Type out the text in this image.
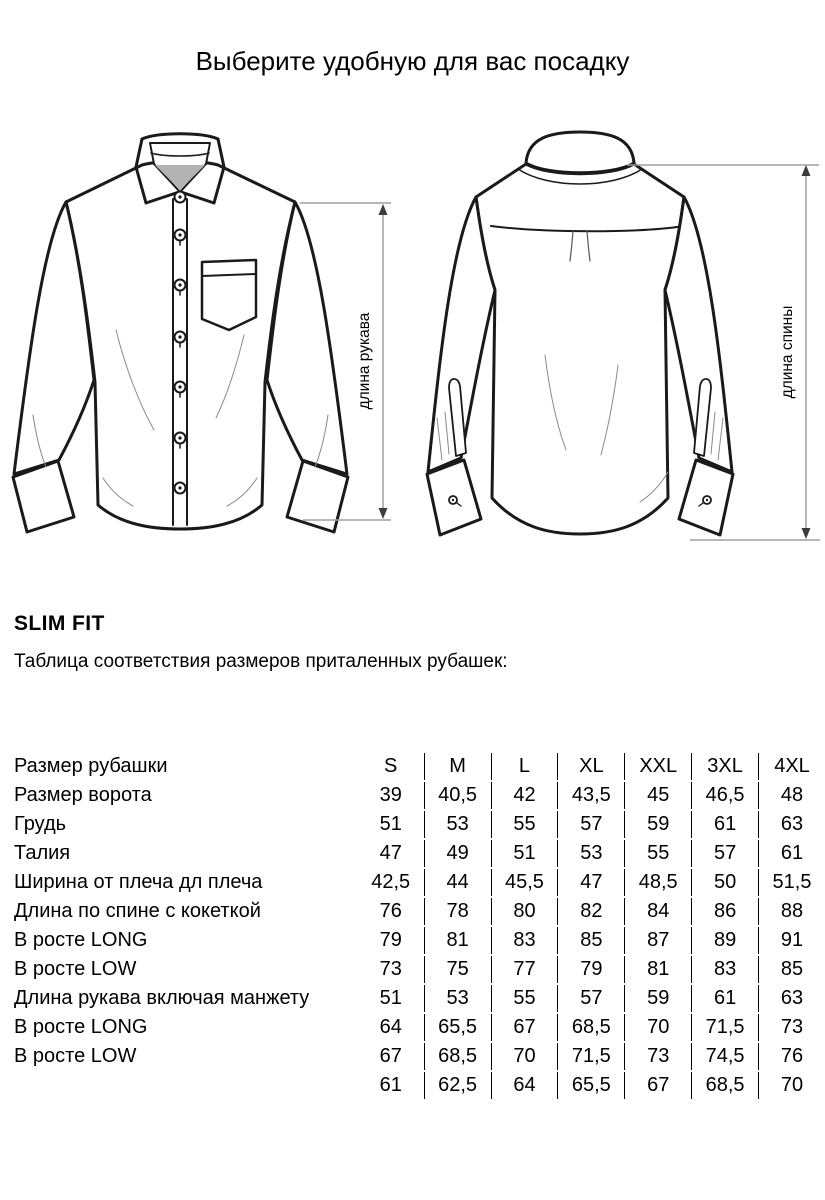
Выберите удобную для вас посадку
длина рукава	длина спины
SLIM FIT

Таблица соответствия размеров приталенных рубашек:

Размер рубашки	S	M	L	XL	XXL	3XL	4XL
Размер ворота	39	40,5	42	43,5	45	46,5	48
Грудь	51	53	55	57	59	61	63
Талия	47	49	51	53	55	57	61
Ширина от плеча дл плеча	42,5	44	45,5	47	48,5	50	51,5
Длина по спине с кокеткой	76	78	80	82	84	86	88
В росте LONG	79	81	83	85	87	89	91
В росте LOW	73	75	77	79	81	83	85
Длина рукава включая манжету	51	53	55	57	59	61	63
В росте LONG	64	65,5	67	68,5	70	71,5	73
В росте LOW	67	68,5	70	71,5	73	74,5	76
	61	62,5	64	65,5	67	68,5	70
